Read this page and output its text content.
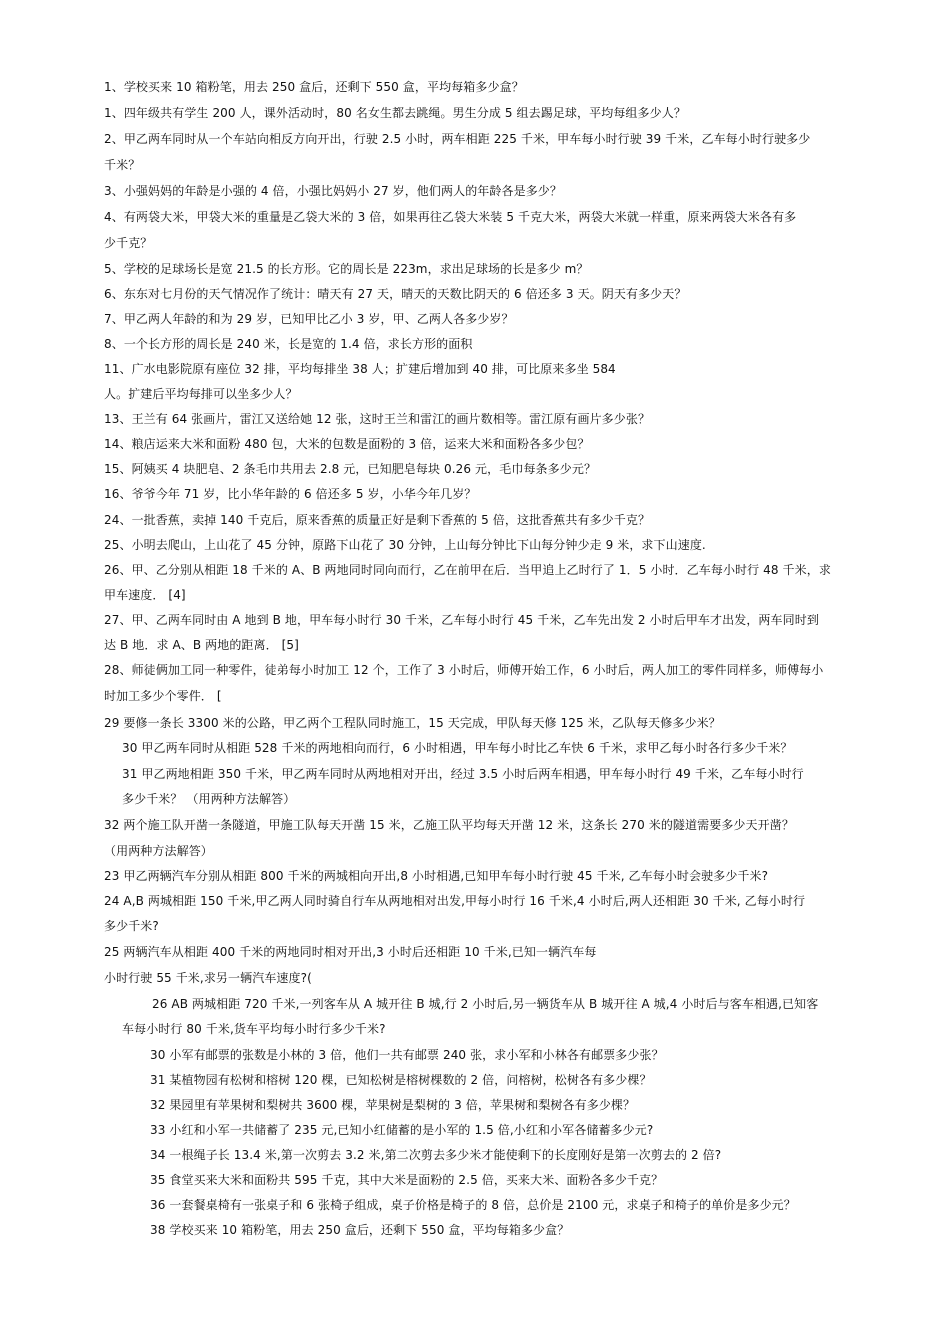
1、学校买来 10 箱粉笔，用去 250 盒后，还剩下 550 盒，平均每箱多少盒？
1、四年级共有学生 200 人，课外活动时，80 名女生都去跳绳。男生分成 5 组去踢足球，平均每组多少人？
2、甲乙两车同时从一个车站向相反方向开出，行驶 2.5 小时，两车相距 225 千米，甲车每小时行驶 39 千米，乙车每小时行驶多少
千米？
3、小强妈妈的年龄是小强的 4 倍，小强比妈妈小 27 岁，他们两人的年龄各是多少？
4、有两袋大米，甲袋大米的重量是乙袋大米的 3 倍，如果再往乙袋大米装 5 千克大米，两袋大米就一样重，原来两袋大米各有多
少千克？
5、学校的足球场长是宽 21.5 的长方形。它的周长是 223m，求出足球场的长是多少 m？
6、东东对七月份的天气情况作了统计：晴天有 27 天，晴天的天数比阴天的 6 倍还多 3 天。阴天有多少天？
7、甲乙两人年龄的和为 29 岁，已知甲比乙小 3 岁，甲、乙两人各多少岁？
8、一个长方形的周长是 240 米，长是宽的 1.4 倍，求长方形的面积
11、广水电影院原有座位 32 排，平均每排坐 38 人；扩建后增加到 40 排，可比原来多坐 584
人。扩建后平均每排可以坐多少人？
13、王兰有 64 张画片，雷江又送给她 12 张，这时王兰和雷江的画片数相等。雷江原有画片多少张？
14、粮店运来大米和面粉 480 包，大米的包数是面粉的 3 倍，运来大米和面粉各多少包？
15、阿姨买 4 块肥皂、2 条毛巾共用去 2.8 元，已知肥皂每块 0.26 元，毛巾每条多少元？
16、爷爷今年 71 岁，比小华年龄的 6 倍还多 5 岁，小华今年几岁？
24、一批香蕉，卖掉 140 千克后，原来香蕉的质量正好是剩下香蕉的 5 倍，这批香蕉共有多少千克？
25、小明去爬山，上山花了 45 分钟，原路下山花了 30 分钟，上山每分钟比下山每分钟少走 9 米，求下山速度.
26、甲、乙分别从相距 18 千米的 A、B 两地同时同向而行，乙在前甲在后．当甲追上乙时行了 1．5 小时．乙车每小时行 48 千米，求
甲车速度． [4]
27、甲、乙两车同时由 A 地到 B 地，甲车每小时行 30 千米，乙车每小时行 45 千米，乙车先出发 2 小时后甲车才出发，两车同时到
达 B 地．求 A、B 两地的距离． [5]
28、师徒俩加工同一种零件，徒弟每小时加工 12 个，工作了 3 小时后，师傅开始工作，6 小时后，两人加工的零件同样多，师傅每小
时加工多少个零件． [
29 要修一条长 3300 米的公路，甲乙两个工程队同时施工，15 天完成，甲队每天修 125 米，乙队每天修多少米？
30 甲乙两车同时从相距 528 千米的两地相向而行，6 小时相遇，甲车每小时比乙车快 6 千米，求甲乙每小时各行多少千米？
31 甲乙两地相距 350 千米，甲乙两车同时从两地相对开出，经过 3.5 小时后两车相遇，甲车每小时行 49 千米，乙车每小时行
多少千米？ （用两种方法解答）
32 两个施工队开凿一条隧道，甲施工队每天开凿 15 米，乙施工队平均每天开凿 12 米，这条长 270 米的隧道需要多少天开凿？
（用两种方法解答）
23 甲乙两辆汽车分别从相距 800 千米的两城相向开出,8 小时相遇,已知甲车每小时行驶 45 千米, 乙车每小时会驶多少千米?
24 A,B 两城相距 150 千米,甲乙两人同时骑自行车从两地相对出发,甲每小时行 16 千米,4 小时后,两人还相距 30 千米, 乙每小时行
多少千米?
25 两辆汽车从相距 400 千米的两地同时相对开出,3 小时后还相距 10 千米,已知一辆汽车每
小时行驶 55 千米,求另一辆汽车速度?(
26 AB 两城相距 720 千米,一列客车从 A 城开往 B 城,行 2 小时后,另一辆货车从 B 城开往 A 城,4 小时后与客车相遇,已知客
车每小时行 80 千米,货车平均每小时行多少千米?
30 小军有邮票的张数是小林的 3 倍，他们一共有邮票 240 张，求小军和小林各有邮票多少张？
31 某植物园有松树和榕树 120 棵，已知松树是榕树棵数的 2 倍，问榕树，松树各有多少棵？
32 果园里有苹果树和梨树共 3600 棵，苹果树是梨树的 3 倍，苹果树和梨树各有多少棵？
33 小红和小军一共储蓄了 235 元,已知小红储蓄的是小军的 1.5 倍,小红和小军各储蓄多少元?
34 一根绳子长 13.4 米,第一次剪去 3.2 米,第二次剪去多少米才能使剩下的长度刚好是第一次剪去的 2 倍?
35 食堂买来大米和面粉共 595 千克，其中大米是面粉的 2.5 倍，买来大米、面粉各多少千克？
36 一套餐桌椅有一张桌子和 6 张椅子组成，桌子价格是椅子的 8 倍，总价是 2100 元，求桌子和椅子的单价是多少元？
38 学校买来 10 箱粉笔，用去 250 盒后，还剩下 550 盒，平均每箱多少盒？
